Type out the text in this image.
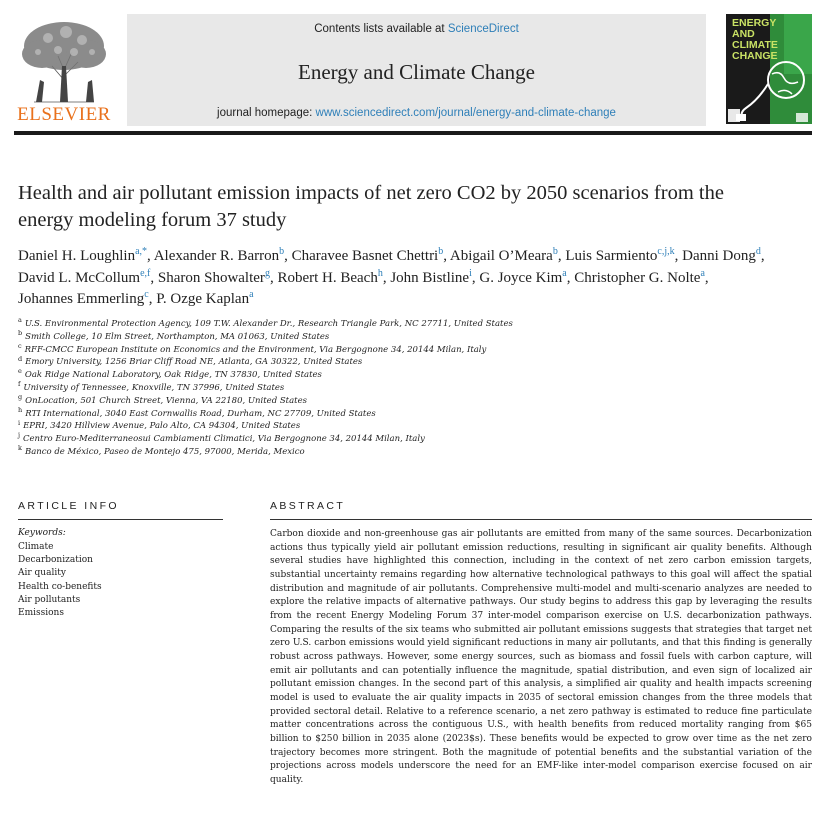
ELSEVIER
Contents lists available at ScienceDirect
Energy and Climate Change
journal homepage: www.sciencedirect.com/journal/energy-and-climate-change
ENERGY
AND
CLIMATE
CHANGE
Health and air pollutant emission impacts of net zero CO2 by 2050 scenarios from the energy modeling forum 37 study
Daniel H. Loughlin$^{a,*}$, Alexander R. Barron$^b$, Charavee Basnet Chettri$^b$, Abigail O’Meara$^b$, Luis Sarmiento$^{c,j,k}$, Danni Dong$^d$, David L. McCollum$^{e,f}$, Sharon Showalter$^g$, Robert H. Beach$^h$, John Bistline$^i$, G. Joyce Kim$^a$, Christopher G. Nolte$^a$, Johannes Emmerling$^c$, P. Ozge Kaplan$^a$
$^a$ U.S. Environmental Protection Agency, 109 T.W. Alexander Dr., Research Triangle Park, NC 27711, United States
$^b$ Smith College, 10 Elm Street, Northampton, MA 01063, United States
$^c$ RFF-CMCC European Institute on Economics and the Environment, Via Bergognone 34, 20144 Milan, Italy
$^d$ Emory University, 1256 Briar Cliff Road NE, Atlanta, GA 30322, United States
$^e$ Oak Ridge National Laboratory, Oak Ridge, TN 37830, United States
$^f$ University of Tennessee, Knoxville, TN 37996, United States
$^g$ OnLocation, 501 Church Street, Vienna, VA 22180, United States
$^h$ RTI International, 3040 East Cornwallis Road, Durham, NC 27709, United States
$^i$ EPRI, 3420 Hillview Avenue, Palo Alto, CA 94304, United States
$^j$ Centro Euro-Mediterraneosui Cambiamenti Climatici, Via Bergognone 34, 20144 Milan, Italy
$^k$ Banco de México, Paseo de Montejo 475, 97000, Merida, Mexico
ARTICLE INFO
Keywords:
Climate
Decarbonization
Air quality
Health co-benefits
Air pollutants
Emissions
ABSTRACT

Carbon dioxide and non-greenhouse gas air pollutants are emitted from many of the same sources. Decarbonization actions thus typically yield air pollutant emission reductions, resulting in significant air quality benefits. Although several studies have highlighted this connection, including in the context of net zero carbon emission targets, substantial uncertainty remains regarding how alternative technological pathways to this goal will affect the spatial distribution and magnitude of air pollutants. Comprehensive multi-model and multi-scenario analyzes are needed to explore the relative impacts of alternative pathways. Our study begins to address this gap by leveraging the results from the recent Energy Modeling Forum 37 inter-model comparison exercise on U.S. decarbonization pathways. Comparing the results of the six teams who submitted air pollutant emissions suggests that strategies that target net zero U.S. carbon emissions would yield significant reductions in many air pollutants, and that this finding is generally robust across pathways. However, some energy sources, such as biomass and fossil fuels with carbon capture, will emit air pollutants and can potentially influence the magnitude, spatial distribution, and even sign of localized air pollutant emission changes. In the second part of this analysis, a simplified air quality and health impacts screening model is used to evaluate the air quality impacts in 2035 of sectoral emission changes from the three models that provided sectoral detail. Relative to a reference scenario, a net zero pathway is estimated to reduce fine particulate matter concentrations across the contiguous U.S., with health benefits from reduced mortality ranging from $65 billion to $250 billion in 2035 alone (2023$s). These benefits would be expected to grow over time as the net zero trajectory becomes more stringent. Both the magnitude of potential benefits and the substantial variation of the projections across models underscore the need for an EMF-like inter-model comparison exercise focused on air quality.
